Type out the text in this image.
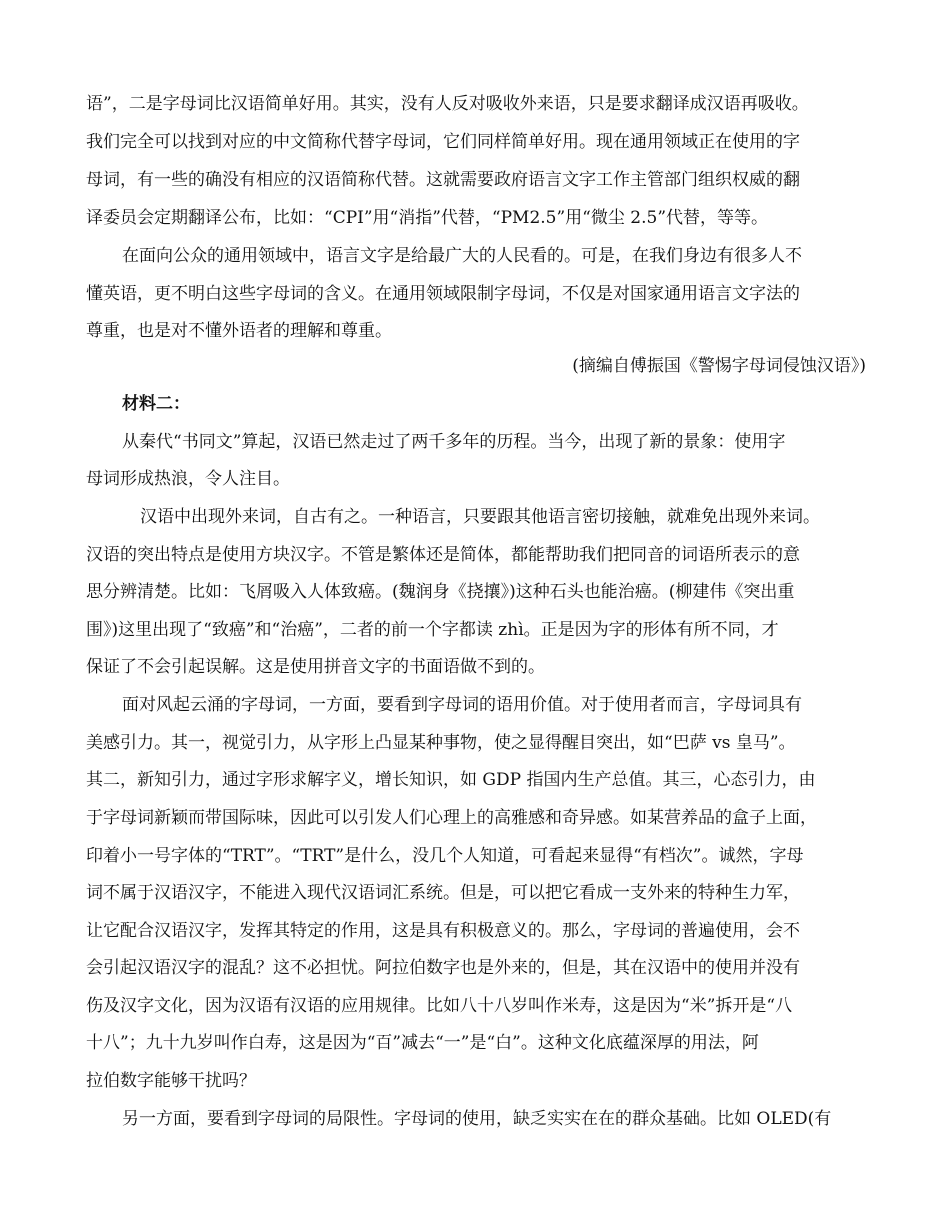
语”，二是字母词比汉语简单好用。其实，没有人反对吸收外来语，只是要求翻译成汉语再吸收。
我们完全可以找到对应的中文简称代替字母词，它们同样简单好用。现在通用领域正在使用的字
母词，有一些的确没有相应的汉语简称代替。这就需要政府语言文字工作主管部门组织权威的翻
译委员会定期翻译公布，比如：“CPI”用“消指”代替，“PM2.5”用“微尘 2.5”代替，等等。
在面向公众的通用领域中，语言文字是给最广大的人民看的。可是，在我们身边有很多人不
懂英语，更不明白这些字母词的含义。在通用领域限制字母词，不仅是对国家通用语言文字法的
尊重，也是对不懂外语者的理解和尊重。
(摘编自傅振国《警惕字母词侵蚀汉语》)
材料二：
从秦代“书同文”算起，汉语已然走过了两千多年的历程。当今，出现了新的景象：使用字
母词形成热浪，令人注目。
汉语中出现外来词，自古有之。一种语言，只要跟其他语言密切接触，就难免出现外来词。
汉语的突出特点是使用方块汉字。不管是繁体还是简体，都能帮助我们把同音的词语所表示的意
思分辨清楚。比如：飞屑吸入人体致癌。(魏润身《挠攘》)这种石头也能治癌。(柳建伟《突出重
围》)这里出现了“致癌”和“治癌”，二者的前一个字都读 zhì。正是因为字的形体有所不同，才
保证了不会引起误解。这是使用拼音文字的书面语做不到的。
面对风起云涌的字母词，一方面，要看到字母词的语用价值。对于使用者而言，字母词具有
美感引力。其一，视觉引力，从字形上凸显某种事物，使之显得醒目突出，如“巴萨 vs 皇马”。
其二，新知引力，通过字形求解字义，增长知识，如 GDP 指国内生产总值。其三，心态引力，由
于字母词新颖而带国际味，因此可以引发人们心理上的高雅感和奇异感。如某营养品的盒子上面，
印着小一号字体的“TRT”。“TRT”是什么，没几个人知道，可看起来显得“有档次”。诚然，字母
词不属于汉语汉字，不能进入现代汉语词汇系统。但是，可以把它看成一支外来的特种生力军，
让它配合汉语汉字，发挥其特定的作用，这是具有积极意义的。那么，字母词的普遍使用，会不
会引起汉语汉字的混乱？这不必担忧。阿拉伯数字也是外来的，但是，其在汉语中的使用并没有
伤及汉字文化，因为汉语有汉语的应用规律。比如八十八岁叫作米寿，这是因为“米”拆开是“八
十八”；九十九岁叫作白寿，这是因为“百”减去“一”是“白”。这种文化底蕴深厚的用法，阿
拉伯数字能够干扰吗？
另一方面，要看到字母词的局限性。字母词的使用，缺乏实实在在的群众基础。比如 OLED(有
